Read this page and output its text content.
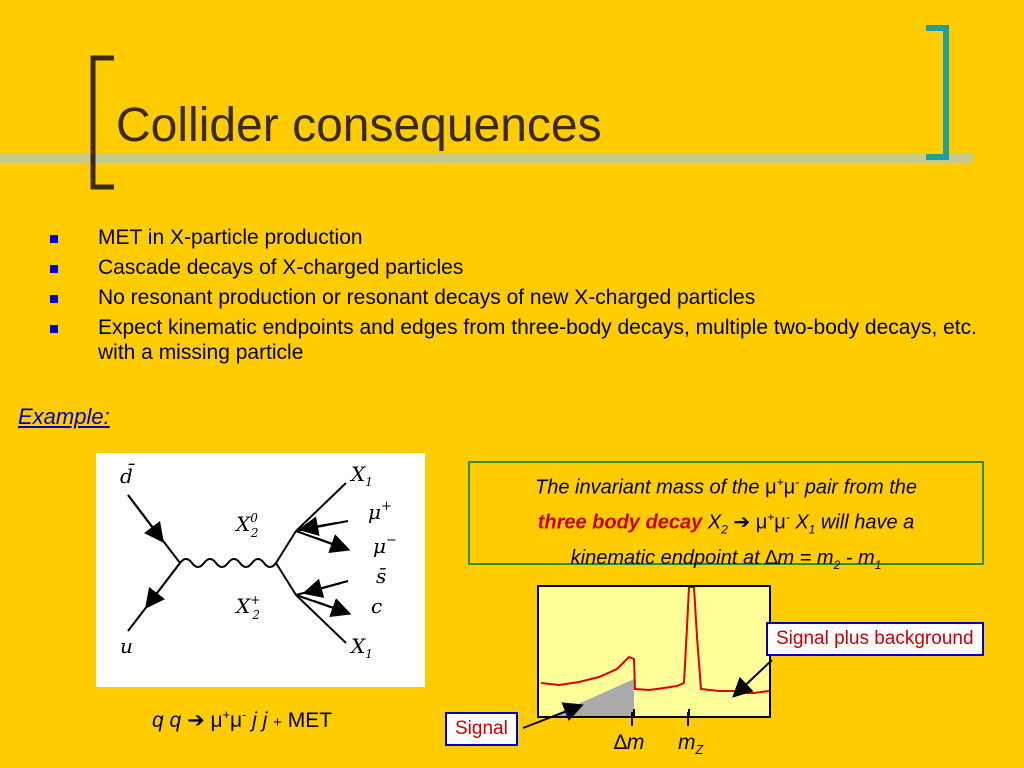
Collider consequences
MET in X-particle production
Cascade decays of X-charged particles
No resonant production or resonant decays of new X-charged particles
Expect kinematic endpoints and edges from three-body decays, multiple two-body decays, etc. with a missing particle
Example:
d̄
u
$X^0$ 2
X+ 2
$X_1$
μ+
μ−
s̄
c
$X_1$
q q ➔ μ+μ- j j + MET
The invariant mass of the μ+μ- pair from the
three body decay $X_2$ ➔ μ+μ- $X_1$ will have a
kinematic endpoint at $\Delta m = m_2 - m_1$
∆m $m_Z$
Signal plus background
Signal
